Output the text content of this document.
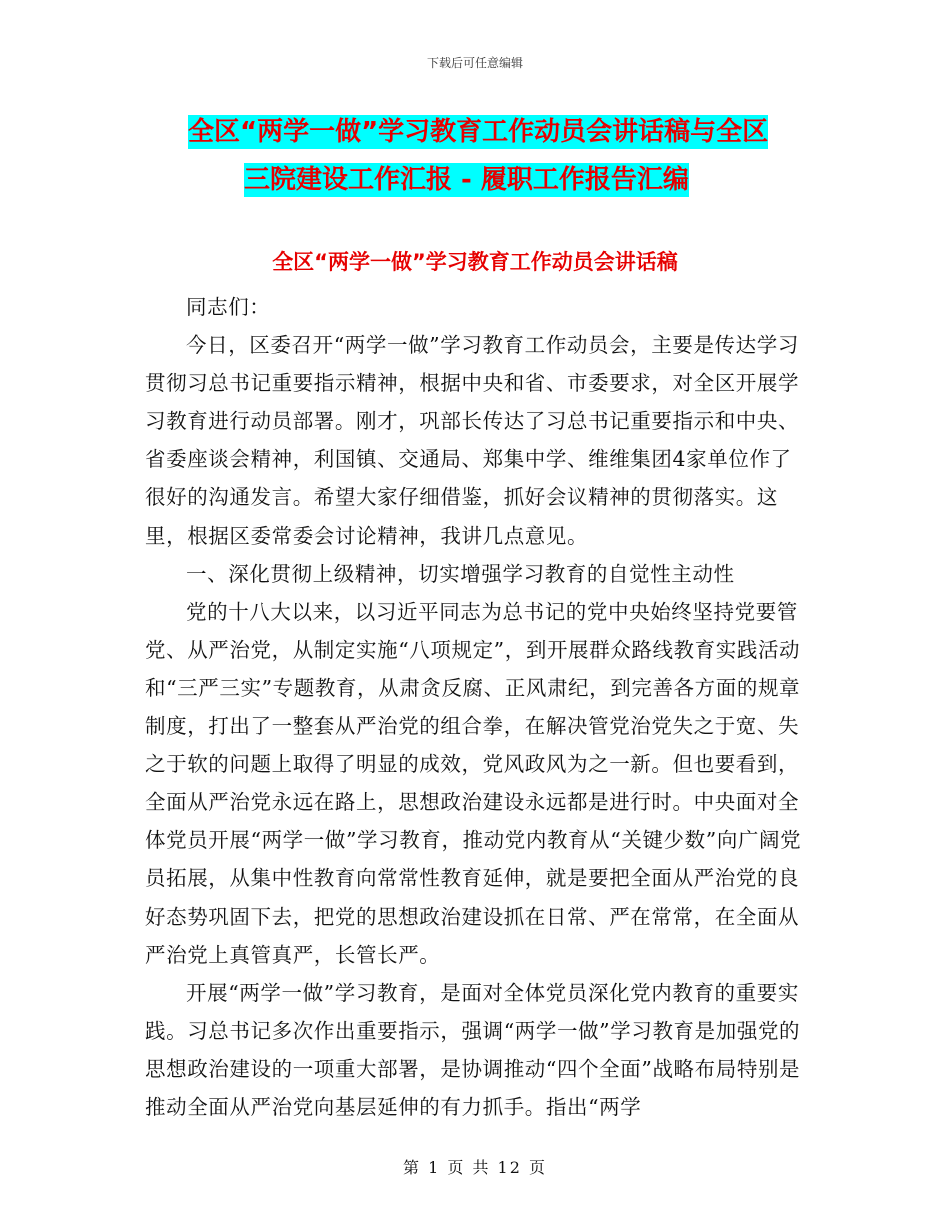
下载后可任意编辑
全区“两学一做”学习教育工作动员会讲话稿与全区
三院建设工作汇报 - 履职工作报告汇编
全区“两学一做”学习教育工作动员会讲话稿

同志们：

今日，区委召开“两学一做”学习教育工作动员会，主要是传达学习贯彻习总书记重要指示精神，根据中央和省、市委要求，对全区开展学习教育进行动员部署。刚才，巩部长传达了习总书记重要指示和中央、省委座谈会精神，利国镇、交通局、郑集中学、维维集团4家单位作了很好的沟通发言。希望大家仔细借鉴，抓好会议精神的贯彻落实。这里，根据区委常委会讨论精神，我讲几点意见。

一、深化贯彻上级精神，切实增强学习教育的自觉性主动性

党的十八大以来，以习近平同志为总书记的党中央始终坚持党要管党、从严治党，从制定实施“八项规定”，到开展群众路线教育实践活动和“三严三实”专题教育，从肃贪反腐、正风肃纪，到完善各方面的规章制度，打出了一整套从严治党的组合拳，在解决管党治党失之于宽、失之于软的问题上取得了明显的成效，党风政风为之一新。但也要看到，全面从严治党永远在路上，思想政治建设永远都是进行时。中央面对全体党员开展“两学一做”学习教育，推动党内教育从“关键少数”向广阔党员拓展，从集中性教育向常常性教育延伸，就是要把全面从严治党的良好态势巩固下去，把党的思想政治建设抓在日常、严在常常，在全面从严治党上真管真严，长管长严。

开展“两学一做”学习教育，是面对全体党员深化党内教育的重要实践。习总书记多次作出重要指示，强调“两学一做”学习教育是加强党的思想政治建设的一项重大部署，是协调推动“四个全面”战略布局特别是推动全面从严治党向基层延伸的有力抓手。指出“两学

第 1 页 共 12 页
